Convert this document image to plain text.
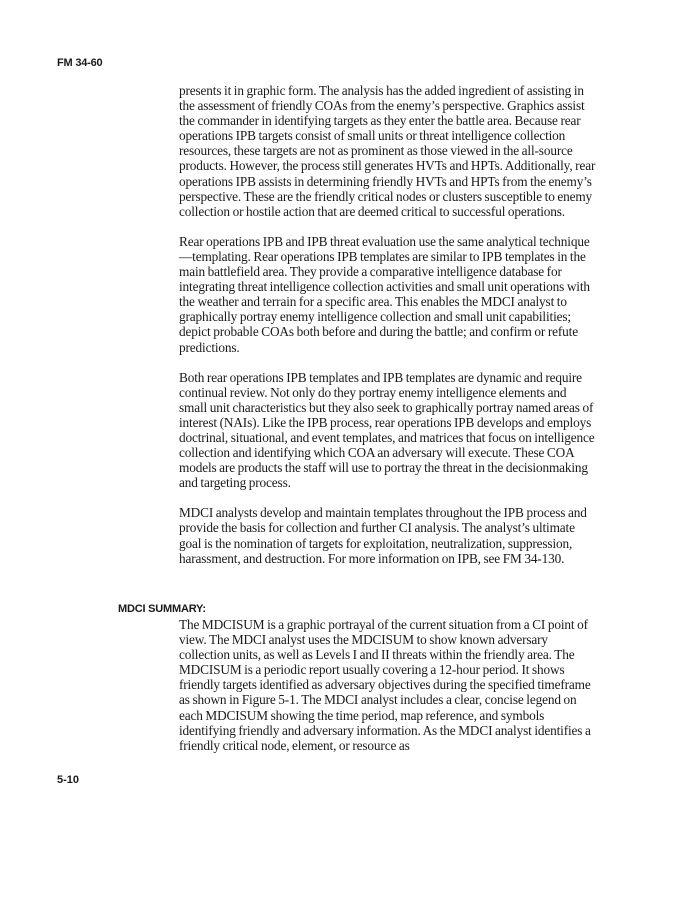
FM 34-60

presents it in graphic form. The analysis has the added ingredient of assisting in the assessment of friendly COAs from the enemy’s perspective. Graphics assist the commander in identifying targets as they enter the battle area. Because rear operations IPB targets consist of small units or threat intelligence collection resources, these targets are not as prominent as those viewed in the all-source products. However, the process still generates HVTs and HPTs. Additionally, rear operations IPB assists in determining friendly HVTs and HPTs from the enemy’s perspective. These are the friendly critical nodes or clusters susceptible to enemy collection or hostile action that are deemed critical to successful operations.

Rear operations IPB and IPB threat evaluation use the same analytical technique—templating. Rear operations IPB templates are similar to IPB templates in the main battlefield area. They provide a comparative intelligence database for integrating threat intelligence collection activities and small unit operations with the weather and terrain for a specific area. This enables the MDCI analyst to graphically portray enemy intelligence collection and small unit capabilities; depict probable COAs both before and during the battle; and confirm or refute predictions.

Both rear operations IPB templates and IPB templates are dynamic and require continual review. Not only do they portray enemy intelligence elements and small unit characteristics but they also seek to graphically portray named areas of interest (NAIs). Like the IPB process, rear operations IPB develops and employs doctrinal, situational, and event templates, and matrices that focus on intelligence collection and identifying which COA an adversary will execute. These COA models are products the staff will use to portray the threat in the decisionmaking and targeting process.

MDCI analysts develop and maintain templates throughout the IPB process and provide the basis for collection and further CI analysis. The analyst’s ultimate goal is the nomination of targets for exploitation, neutralization, suppression, harassment, and destruction. For more information on IPB, see FM 34-130.

MDCI SUMMARY:

The MDCISUM is a graphic portrayal of the current situation from a CI point of view. The MDCI analyst uses the MDCISUM to show known adversary collection units, as well as Levels I and II threats within the friendly area. The MDCISUM is a periodic report usually covering a 12-hour period. It shows friendly targets identified as adversary objectives during the specified timeframe as shown in Figure 5-1. The MDCI analyst includes a clear, concise legend on each MDCISUM showing the time period, map reference, and symbols identifying friendly and adversary information. As the MDCI analyst identifies a friendly critical node, element, or resource as

5-10
